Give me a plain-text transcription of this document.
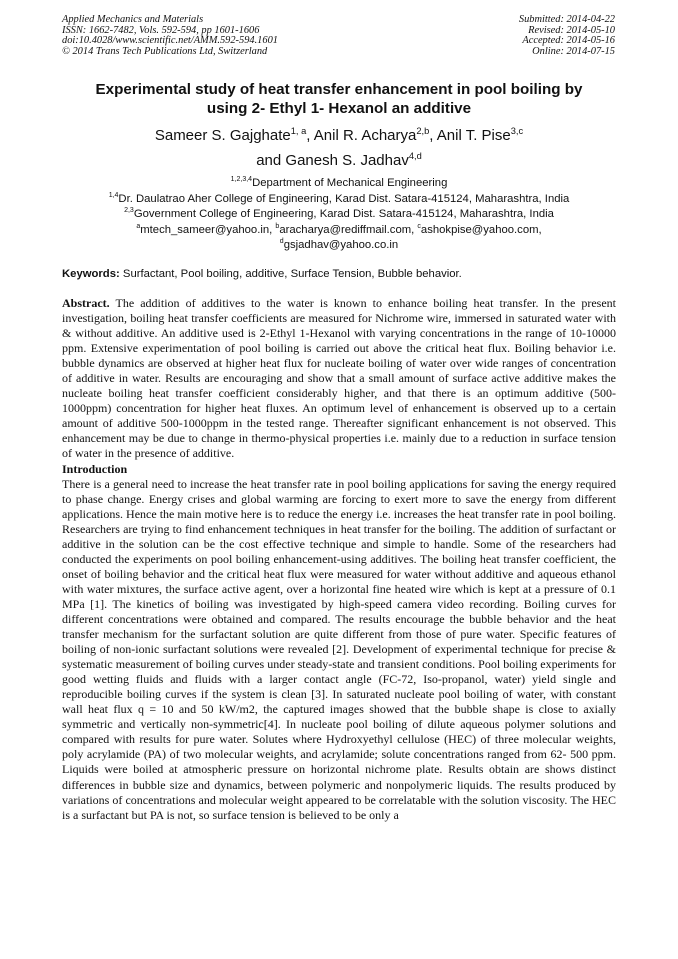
Applied Mechanics and Materials
ISSN: 1662-7482, Vols. 592-594, pp 1601-1606
doi:10.4028/www.scientific.net/AMM.592-594.1601
© 2014 Trans Tech Publications Ltd, Switzerland
Submitted: 2014-04-22
Revised: 2014-05-10
Accepted: 2014-05-16
Online: 2014-07-15
Experimental study of heat transfer enhancement in pool boiling by
using 2- Ethyl 1- Hexanol an additive
Sameer S. Gajghate$^{1, a}$, Anil R. Acharya$^{2,b}$, Anil T. Pise$^{3,c}$
and Ganesh S. Jadhav$^{4,d}$
$^{1,2,3,4}$Department of Mechanical Engineering
$^{1,4}$Dr. Daulatrao Aher College of Engineering, Karad Dist. Satara-415124, Maharashtra, India
$^{2,3}$Government College of Engineering, Karad Dist. Satara-415124, Maharashtra, India
$^a$mtech_sameer@yahoo.in, $^b$aracharya@rediffmail.com, $^c$ashokpise@yahoo.com,
$^d$gsjadhav@yahoo.co.in
Keywords: Surfactant, Pool boiling, additive, Surface Tension, Bubble behavior.

Abstract. The addition of additives to the water is known to enhance boiling heat transfer. In the present investigation, boiling heat transfer coefficients are measured for Nichrome wire, immersed in saturated water with & without additive. An additive used is 2-Ethyl 1-Hexanol with varying concentrations in the range of 10-10000 ppm. Extensive experimentation of pool boiling is carried out above the critical heat flux. Boiling behavior i.e. bubble dynamics are observed at higher heat flux for nucleate boiling of water over wide ranges of concentration of additive in water. Results are encouraging and show that a small amount of surface active additive makes the nucleate boiling heat transfer coefficient considerably higher, and that there is an optimum additive (500-1000ppm) concentration for higher heat fluxes. An optimum level of enhancement is observed up to a certain amount of additive 500-1000ppm in the tested range. Thereafter significant enhancement is not observed. This enhancement may be due to change in thermo-physical properties i.e. mainly due to a reduction in surface tension of water in the presence of additive.

Introduction

There is a general need to increase the heat transfer rate in pool boiling applications for saving the energy required to phase change. Energy crises and global warming are forcing to exert more to save the energy from different applications. Hence the main motive here is to reduce the energy i.e. increases the heat transfer rate in pool boiling. Researchers are trying to find enhancement techniques in heat transfer for the boiling. The addition of surfactant or additive in the solution can be the cost effective technique and simple to handle. Some of the researchers had conducted the experiments on pool boiling enhancement-using additives. The boiling heat transfer coefficient, the onset of boiling behavior and the critical heat flux were measured for water without additive and aqueous ethanol with water mixtures, the surface active agent, over a horizontal fine heated wire which is kept at a pressure of 0.1 MPa [1]. The kinetics of boiling was investigated by high-speed camera video recording. Boiling curves for different concentrations were obtained and compared. The results encourage the bubble behavior and the heat transfer mechanism for the surfactant solution are quite different from those of pure water. Specific features of boiling of non-ionic surfactant solutions were revealed [2]. Development of experimental technique for precise & systematic measurement of boiling curves under steady-state and transient conditions. Pool boiling experiments for good wetting fluids and fluids with a larger contact angle (FC-72, Iso-propanol, water) yield single and reproducible boiling curves if the system is clean [3]. In saturated nucleate pool boiling of water, with constant wall heat flux q = 10 and 50 kW/m2, the captured images showed that the bubble shape is close to axially symmetric and vertically non-symmetric[4]. In nucleate pool boiling of dilute aqueous polymer solutions and compared with results for pure water. Solutes where Hydroxyethyl cellulose (HEC) of three molecular weights, poly acrylamide (PA) of two molecular weights, and acrylamide; solute concentrations ranged from 62- 500 ppm. Liquids were boiled at atmospheric pressure on horizontal nichrome plate. Results obtain are shows distinct differences in bubble size and dynamics, between polymeric and nonpolymeric liquids. The results produced by variations of concentrations and molecular weight appeared to be correlatable with the solution viscosity. The HEC is a surfactant but PA is not, so surface tension is believed to be only a
